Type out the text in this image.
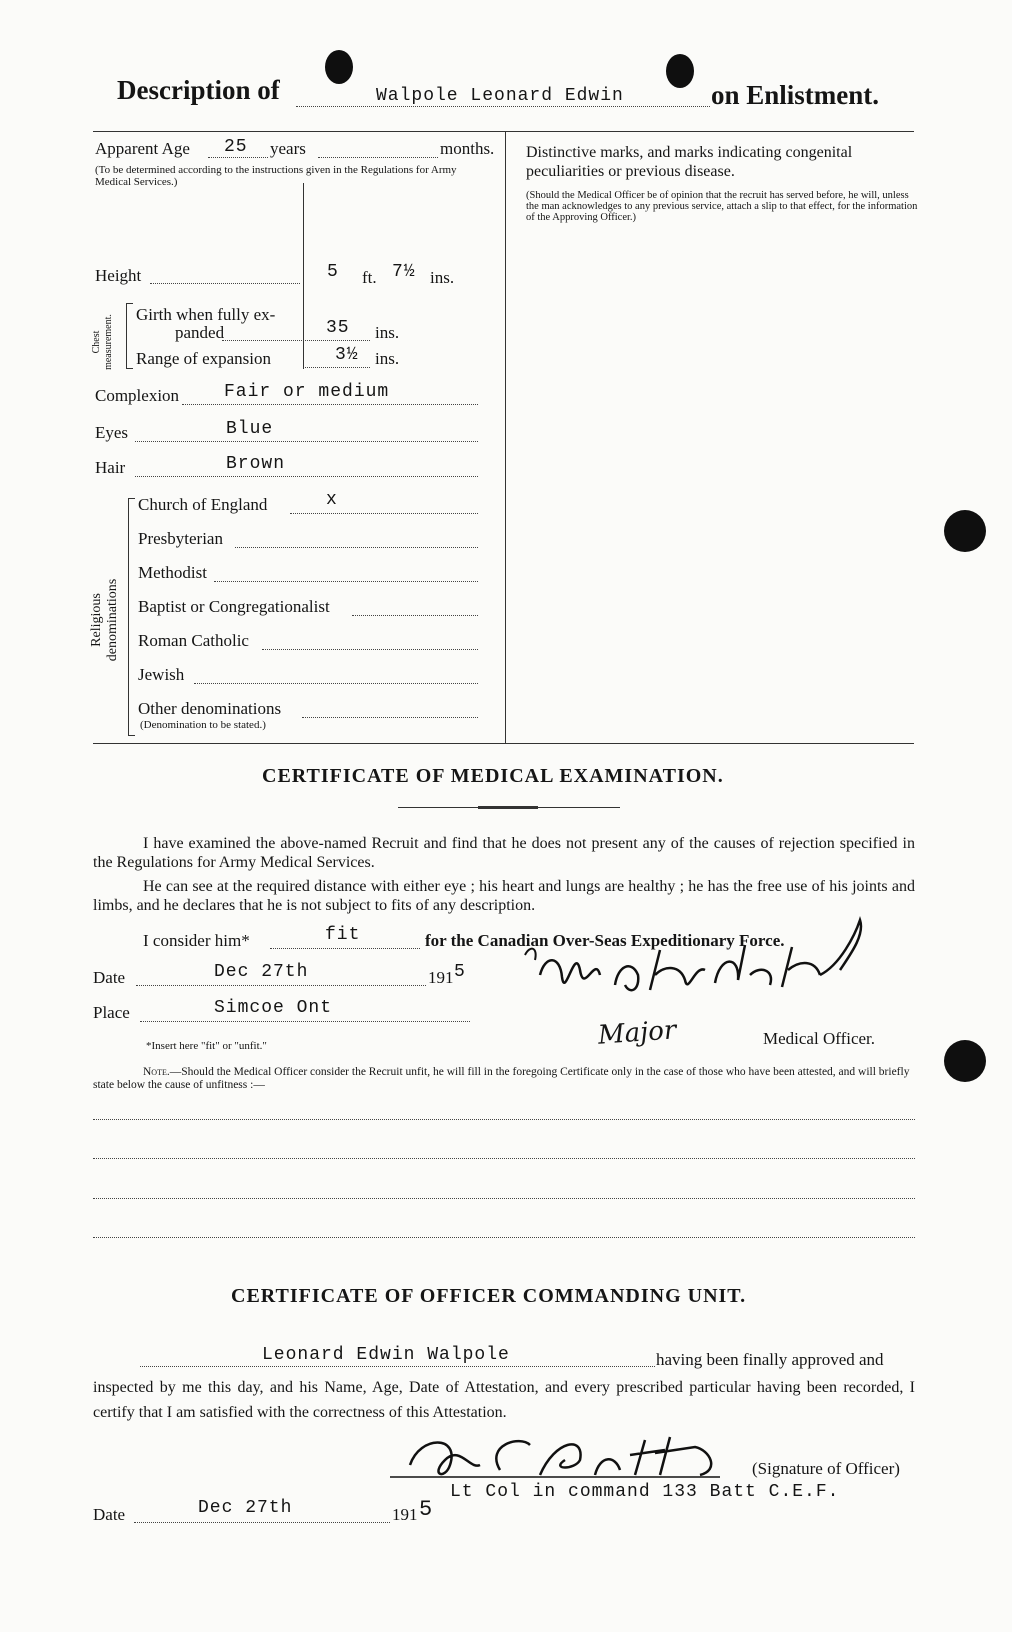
Description of	Walpole Leonard Edwin	on Enlistment.
Apparent Age 25 years	months.
(To be determined according to the instructions given in the Regulations for Army Medical Services.)
Height	5 ft. 7½ ins.
Chest measurement. Girth when fully ex-
panded	35 ins.
Range of expansion	3½ ins.
Complexion Fair or medium
Eyes	Blue
Hair	Brown
Religious denominations
Church of England	x
Presbyterian
Methodist
Baptist or Congregationalist
Roman Catholic
Jewish
Other denominations
(Denomination to be stated.)
Distinctive marks, and marks indicating congenital peculiarities or previous disease.
(Should the Medical Officer be of opinion that the recruit has served before, he will, unless the man acknowledges to any previous service, attach a slip to that effect, for the information of the Approving Officer.)
CERTIFICATE OF MEDICAL EXAMINATION.
I have examined the above-named Recruit and find that he does not present any of the causes of rejection specified in the Regulations for Army Medical Services.
He can see at the required distance with either eye ; his heart and lungs are healthy ; he has the free use of his joints and limbs, and he declares that he is not subject to fits of any description.
I consider him*	fit	for the Canadian Over-Seas Expeditionary Force.
Date	Dec 27th	191 5
Place	Simcoe Ont
*Insert here "fit" or "unfit."	Major	Medical Officer.
Note.—Should the Medical Officer consider the Recruit unfit, he will fill in the foregoing Certificate only in the case of those who have been attested, and will briefly state below the cause of unfitness :—
CERTIFICATE OF OFFICER COMMANDING UNIT.
Leonard Edwin Walpole	having been finally approved and
inspected by me this day, and his Name, Age, Date of Attestation, and every prescribed particular having been recorded, I certify that I am satisfied with the correctness of this Attestation.
(Signature of Officer)
Lt Col in command 133 Batt C.E.F.
Date	Dec 27th	191 5
